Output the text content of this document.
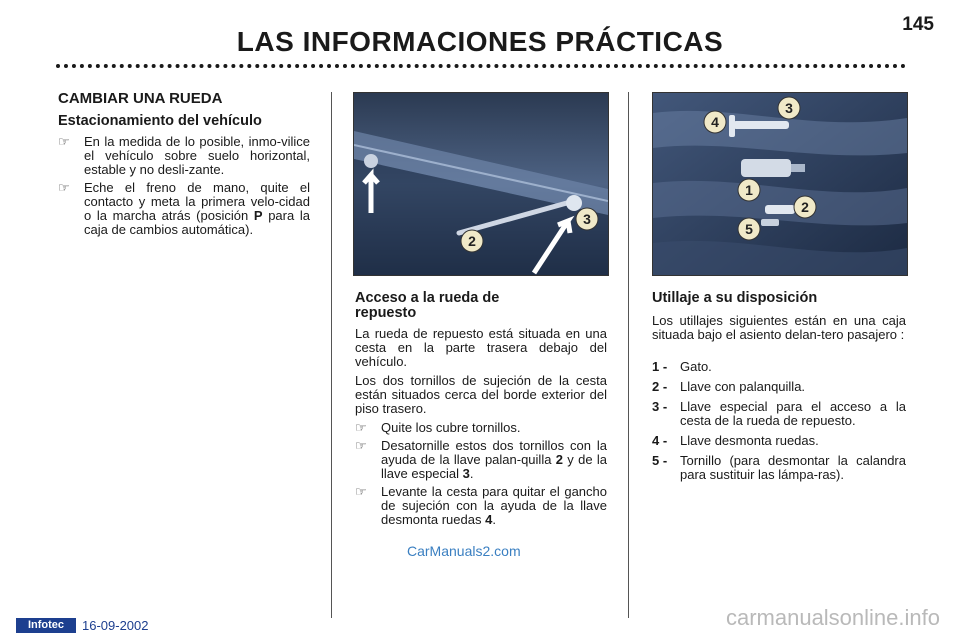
LAS INFORMACIONES PRÁCTICAS
145
CAMBIAR UNA RUEDA
Estacionamiento del vehículo
☞ En la medida de lo posible, inmo-vilice el vehículo sobre suelo horizontal, estable y no desli-zante.
☞ Eche el freno de mano, quite el contacto y meta la primera velo-cidad o la marcha atrás (posición P para la caja de cambios automática).
2
3
Acceso a la rueda de repuesto
La rueda de repuesto está situada en una cesta en la parte trasera debajo del vehículo.
Los dos tornillos de sujeción de la cesta están situados cerca del borde exterior del piso trasero.
☞ Quite los cubre tornillos.
☞ Desatornille estos dos tornillos con la ayuda de la llave palan-quilla 2 y de la llave especial 3.
☞ Levante la cesta para quitar el gancho de sujeción con la ayuda de la llave desmonta ruedas 4.
1
2
3
4
5
Utillaje a su disposición
Los utillajes siguientes están en una caja situada bajo el asiento delan-tero pasajero :
1 - Gato.
2 - Llave con palanquilla.
3 - Llave especial para el acceso a la cesta de la rueda de repuesto.
4 - Llave desmonta ruedas.
5 - Tornillo (para desmontar la calandra para sustituir las lámpa-ras).
CarManuals2.com
Infotec	16-09-2002	carmanualsonline.info
